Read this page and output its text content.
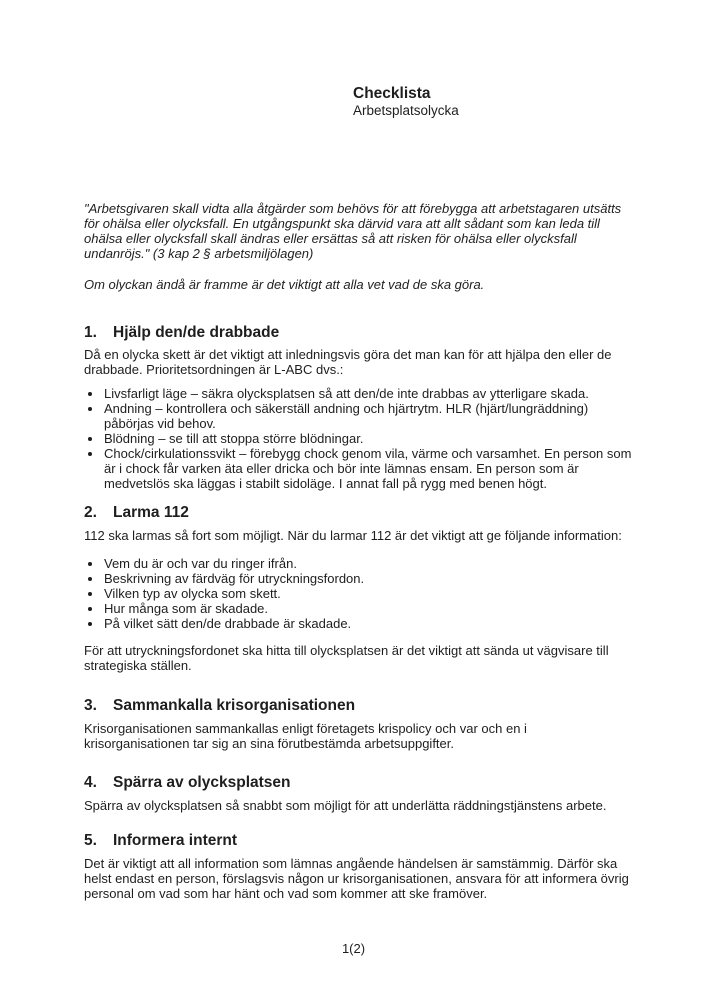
Checklista
Arbetsplatsolycka

"Arbetsgivaren skall vidta alla åtgärder som behövs för att förebygga att arbetstagaren utsätts för ohälsa eller olycksfall. En utgångspunkt ska därvid vara att allt sådant som kan leda till ohälsa eller olycksfall skall ändras eller ersättas så att risken för ohälsa eller olycksfall undanröjs." (3 kap 2 § arbetsmiljölagen)

Om olyckan ändå är framme är det viktigt att alla vet vad de ska göra.

1. Hjälp den/de drabbade

Då en olycka skett är det viktigt att inledningsvis göra det man kan för att hjälpa den eller de drabbade. Prioritetsordningen är L-ABC dvs.:

• Livsfarligt läge – säkra olycksplatsen så att den/de inte drabbas av ytterligare skada.
• Andning – kontrollera och säkerställ andning och hjärtrytm. HLR (hjärt/lungräddning) påbörjas vid behov.
• Blödning – se till att stoppa större blödningar.
• Chock/cirkulationssvikt – förebygg chock genom vila, värme och varsamhet. En person som är i chock får varken äta eller dricka och bör inte lämnas ensam. En person som är medvetslös ska läggas i stabilt sidoläge. I annat fall på rygg med benen högt.
2. Larma 112

112 ska larmas så fort som möjligt. När du larmar 112 är det viktigt att ge följande information:

• Vem du är och var du ringer ifrån.
• Beskrivning av färdväg för utryckningsfordon.
• Vilken typ av olycka som skett.
• Hur många som är skadade.
• På vilket sätt den/de drabbade är skadade.

För att utryckningsfordonet ska hitta till olycksplatsen är det viktigt att sända ut vägvisare till strategiska ställen.

3. Sammankalla krisorganisationen

Krisorganisationen sammankallas enligt företagets krispolicy och var och en i krisorganisationen tar sig an sina förutbestämda arbetsuppgifter.

4. Spärra av olycksplatsen

Spärra av olycksplatsen så snabbt som möjligt för att underlätta räddningstjänstens arbete.

5. Informera internt

Det är viktigt att all information som lämnas angående händelsen är samstämmig. Därför ska helst endast en person, förslagsvis någon ur krisorganisationen, ansvara för att informera övrig personal om vad som har hänt och vad som kommer att ske framöver.

1(2)
